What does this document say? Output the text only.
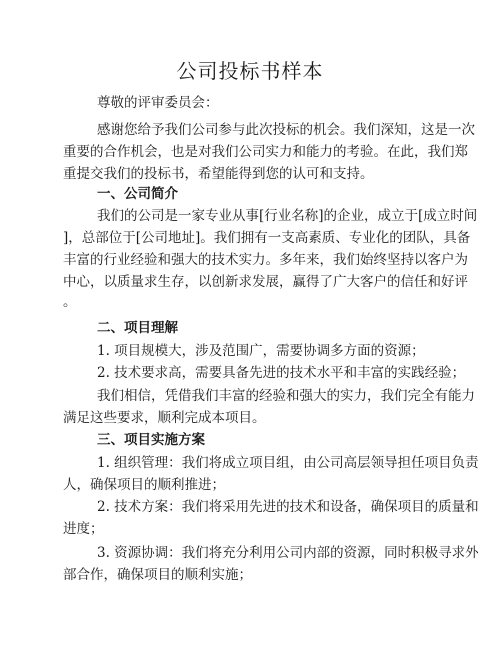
公司投标书样本
尊敬的评审委员会：
感谢您给予我们公司参与此次投标的机会。我们深知，这是一次
重要的合作机会，也是对我们公司实力和能力的考验。在此，我们郑
重提交我们的投标书，希望能得到您的认可和支持。
一、公司简介
我们的公司是一家专业从事[行业名称]的企业，成立于[成立时间
]，总部位于[公司地址]。我们拥有一支高素质、专业化的团队，具备
丰富的行业经验和强大的技术实力。多年来，我们始终坚持以客户为
中心，以质量求生存，以创新求发展，赢得了广大客户的信任和好评
。
二、项目理解
1. 项目规模大，涉及范围广，需要协调多方面的资源；
2. 技术要求高，需要具备先进的技术水平和丰富的实践经验；
我们相信，凭借我们丰富的经验和强大的实力，我们完全有能力
满足这些要求，顺利完成本项目。
三、项目实施方案
1. 组织管理：我们将成立项目组，由公司高层领导担任项目负责
人，确保项目的顺利推进；
2. 技术方案：我们将采用先进的技术和设备，确保项目的质量和
进度；
3. 资源协调：我们将充分利用公司内部的资源，同时积极寻求外
部合作，确保项目的顺利实施；
